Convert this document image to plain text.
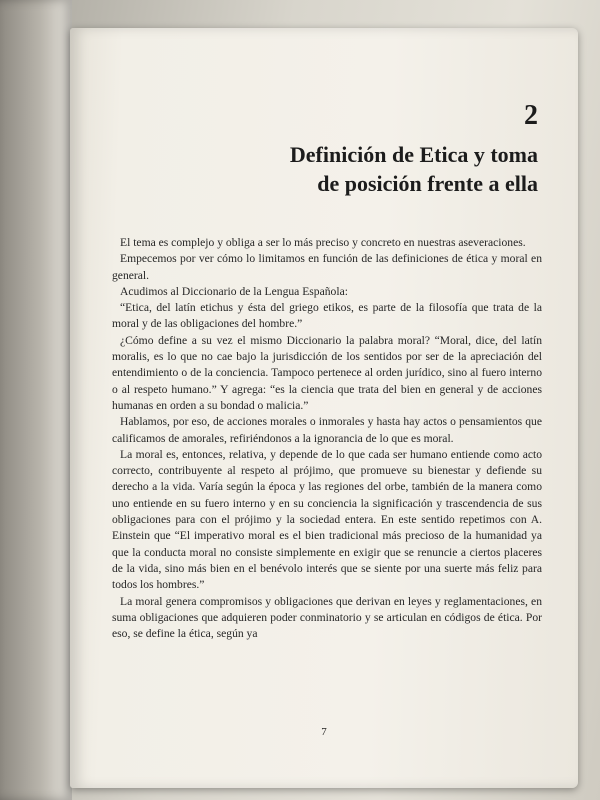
2
Definición de Etica y toma
de posición frente a ella

El tema es complejo y obliga a ser lo más preciso y concreto en nuestras aseveraciones.

Empecemos por ver cómo lo limitamos en función de las definiciones de ética y moral en general.

Acudimos al Diccionario de la Lengua Española:

“Etica, del latín etichus y ésta del griego etikos, es parte de la filosofía que trata de la moral y de las obligaciones del hombre.”

¿Cómo define a su vez el mismo Diccionario la palabra moral? “Moral, dice, del latín moralis, es lo que no cae bajo la jurisdicción de los sentidos por ser de la apreciación del entendimiento o de la conciencia. Tampoco pertenece al orden jurídico, sino al fuero interno o al respeto humano.” Y agrega: “es la ciencia que trata del bien en general y de acciones humanas en orden a su bondad o malicia.”

Hablamos, por eso, de acciones morales o inmorales y hasta hay actos o pensamientos que calificamos de amorales, refiriéndonos a la ignorancia de lo que es moral.

La moral es, entonces, relativa, y depende de lo que cada ser humano entiende como acto correcto, contribuyente al respeto al prójimo, que promueve su bienestar y defiende su derecho a la vida. Varía según la época y las regiones del orbe, también de la manera como uno entiende en su fuero interno y en su conciencia la significación y trascendencia de sus obligaciones para con el prójimo y la sociedad entera. En este sentido repetimos con A. Einstein que “El imperativo moral es el bien tradicional más precioso de la humanidad ya que la conducta moral no consiste simplemente en exigir que se renuncie a ciertos placeres de la vida, sino más bien en el benévolo interés que se siente por una suerte más feliz para todos los hombres.”

La moral genera compromisos y obligaciones que derivan en leyes y reglamentaciones, en suma obligaciones que adquieren poder conminatorio y se articulan en códigos de ética. Por eso, se define la ética, según ya

7
